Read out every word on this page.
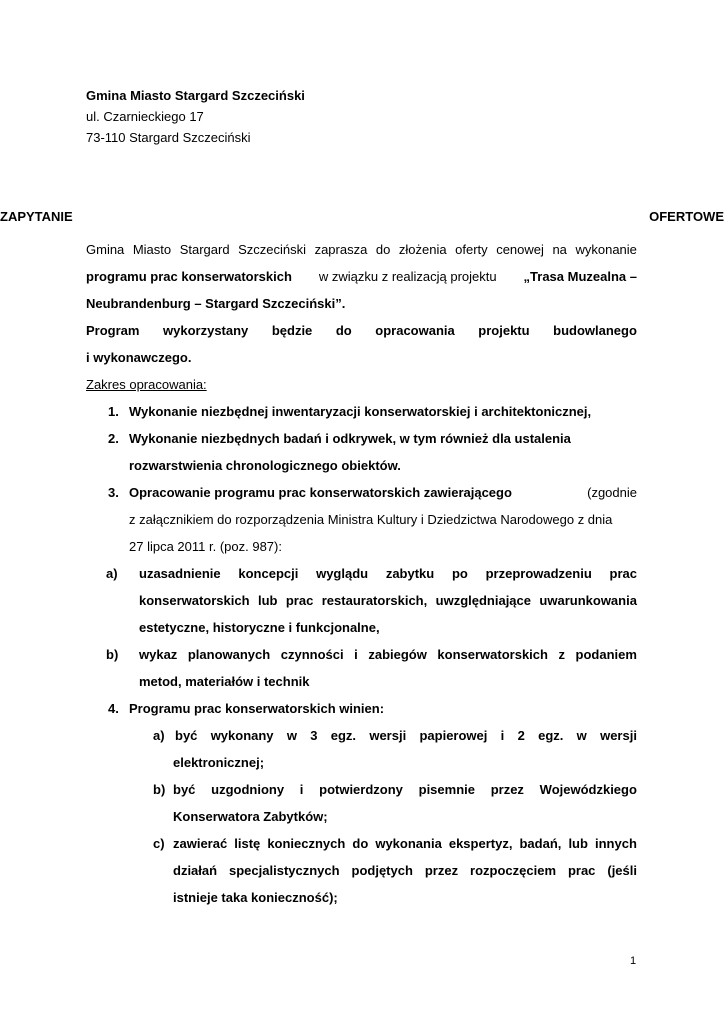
Gmina Miasto Stargard Szczeciński
ul. Czarnieckiego 17
73-110 Stargard Szczeciński
ZAPYTANIE	OFERTOWE
Gmina Miasto Stargard Szczeciński zaprasza do złożenia oferty cenowej na wykonanie
programu prac konserwatorskich w związku z realizacją projektu „Trasa Muzealna –
Neubrandenburg – Stargard Szczeciński”.
Program wykorzystany będzie do opracowania projektu budowlanego
i wykonawczego.
Zakres opracowania:
1. Wykonanie niezbędnej inwentaryzacji konserwatorskiej i architektonicznej,
2. Wykonanie niezbędnych badań i odkrywek, w tym również dla ustalenia
rozwarstwienia chronologicznego obiektów.
3. Opracowanie programu prac konserwatorskich zawierającego	(zgodnie
z załącznikiem do rozporządzenia Ministra Kultury i Dziedzictwa Narodowego z dnia
27 lipca 2011 r. (poz. 987):
a) uzasadnienie koncepcji wyglądu zabytku po przeprowadzeniu prac
konserwatorskich lub prac restauratorskich, uwzględniające uwarunkowania
estetyczne, historyczne i funkcjonalne,
b) wykaz planowanych czynności i zabiegów konserwatorskich z podaniem
metod, materiałów i technik
4. Programu prac konserwatorskich winien:
a) być wykonany w 3 egz. wersji papierowej i 2 egz. w wersji
elektronicznej;
b) być uzgodniony i potwierdzony pisemnie przez Wojewódzkiego
Konserwatora Zabytków;
c) zawierać listę koniecznych do wykonania ekspertyz, badań, lub innych
działań specjalistycznych podjętych przez rozpoczęciem prac (jeśli
istnieje taka konieczność);
1
